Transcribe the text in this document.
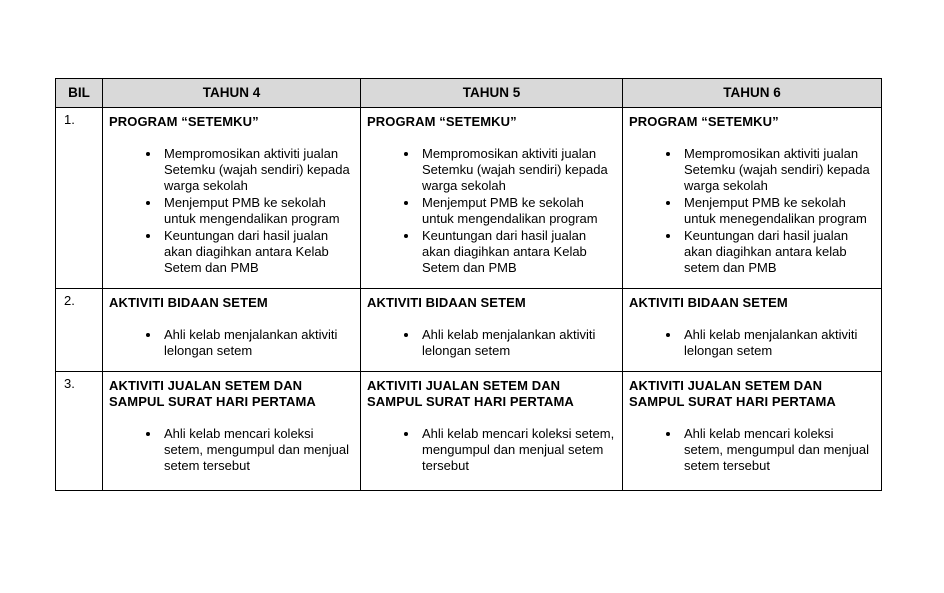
BIL	TAHUN 4	TAHUN 5	TAHUN 6
1.	PROGRAM “SETEMKU”
• Mempromosikan aktiviti jualan Setemku (wajah sendiri) kepada warga sekolah
• Menjemput PMB ke sekolah untuk mengendalikan program
• Keuntungan dari hasil jualan akan diagihkan antara Kelab Setem dan PMB

PROGRAM “SETEMKU”
• Mempromosikan aktiviti jualan Setemku (wajah sendiri) kepada warga sekolah
• Menjemput PMB ke sekolah untuk mengendalikan program
• Keuntungan dari hasil jualan akan diagihkan antara Kelab Setem dan PMB

PROGRAM “SETEMKU”
• Mempromosikan aktiviti jualan Setemku (wajah sendiri) kepada warga sekolah
• Menjemput PMB ke sekolah untuk menegendalikan program
• Keuntungan dari hasil jualan akan diagihkan antara kelab setem dan PMB

2.	AKTIVITI BIDAAN SETEM
• Ahli kelab menjalankan aktiviti lelongan setem

AKTIVITI BIDAAN SETEM
• Ahli kelab menjalankan aktiviti lelongan setem

AKTIVITI BIDAAN SETEM
• Ahli kelab menjalankan aktiviti lelongan setem

3.	AKTIVITI JUALAN SETEM DAN SAMPUL SURAT HARI PERTAMA
• Ahli kelab mencari koleksi setem, mengumpul dan menjual setem tersebut

AKTIVITI JUALAN SETEM DAN SAMPUL SURAT HARI PERTAMA
• Ahli kelab mencari koleksi setem, mengumpul dan menjual setem tersebut

AKTIVITI JUALAN SETEM DAN SAMPUL SURAT HARI PERTAMA
• Ahli kelab mencari koleksi setem, mengumpul dan menjual setem tersebut
